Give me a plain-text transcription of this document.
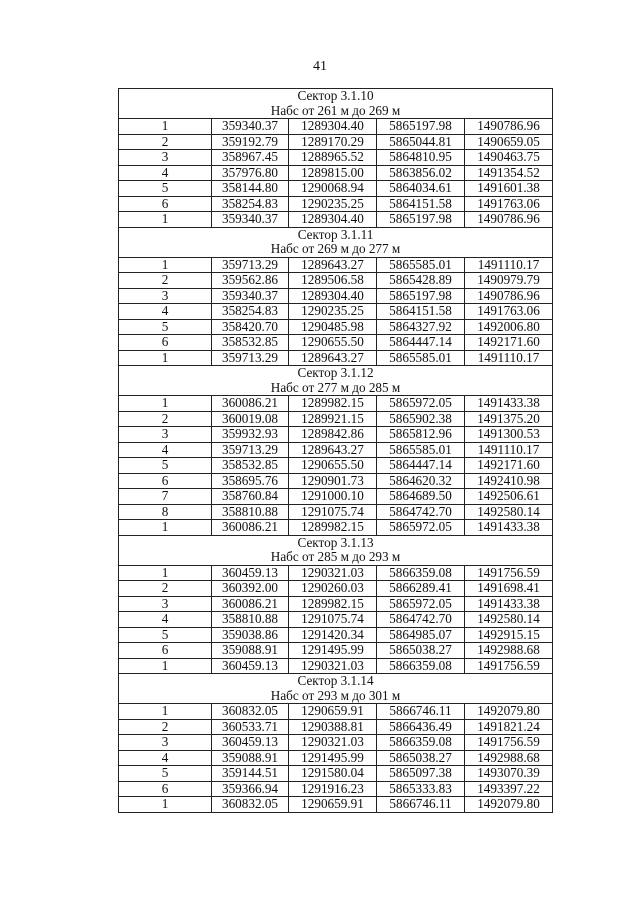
41
Сектор 3.1.10				
Набс от 261 м до 269 м				
1	359340.37	1289304.40	5865197.98	1490786.96
2	359192.79	1289170.29	5865044.81	1490659.05
3	358967.45	1288965.52	5864810.95	1490463.75
4	357976.80	1289815.00	5863856.02	1491354.52
5	358144.80	1290068.94	5864034.61	1491601.38
6	358254.83	1290235.25	5864151.58	1491763.06
1	359340.37	1289304.40	5865197.98	1490786.96
Сектор 3.1.11				
Набс от 269 м до 277 м				
1	359713.29	1289643.27	5865585.01	1491110.17
2	359562.86	1289506.58	5865428.89	1490979.79
3	359340.37	1289304.40	5865197.98	1490786.96
4	358254.83	1290235.25	5864151.58	1491763.06
5	358420.70	1290485.98	5864327.92	1492006.80
6	358532.85	1290655.50	5864447.14	1492171.60
1	359713.29	1289643.27	5865585.01	1491110.17
Сектор 3.1.12				
Набс от 277 м до 285 м				
1	360086.21	1289982.15	5865972.05	1491433.38
2	360019.08	1289921.15	5865902.38	1491375.20
3	359932.93	1289842.86	5865812.96	1491300.53
4	359713.29	1289643.27	5865585.01	1491110.17
5	358532.85	1290655.50	5864447.14	1492171.60
6	358695.76	1290901.73	5864620.32	1492410.98
7	358760.84	1291000.10	5864689.50	1492506.61
8	358810.88	1291075.74	5864742.70	1492580.14
1	360086.21	1289982.15	5865972.05	1491433.38
Сектор 3.1.13				
Набс от 285 м до 293 м				
1	360459.13	1290321.03	5866359.08	1491756.59
2	360392.00	1290260.03	5866289.41	1491698.41
3	360086.21	1289982.15	5865972.05	1491433.38
4	358810.88	1291075.74	5864742.70	1492580.14
5	359038.86	1291420.34	5864985.07	1492915.15
6	359088.91	1291495.99	5865038.27	1492988.68
1	360459.13	1290321.03	5866359.08	1491756.59
Сектор 3.1.14				
Набс от 293 м до 301 м				
1	360832.05	1290659.91	5866746.11	1492079.80
2	360533.71	1290388.81	5866436.49	1491821.24
3	360459.13	1290321.03	5866359.08	1491756.59
4	359088.91	1291495.99	5865038.27	1492988.68
5	359144.51	1291580.04	5865097.38	1493070.39
6	359366.94	1291916.23	5865333.83	1493397.22
1	360832.05	1290659.91	5866746.11	1492079.80
